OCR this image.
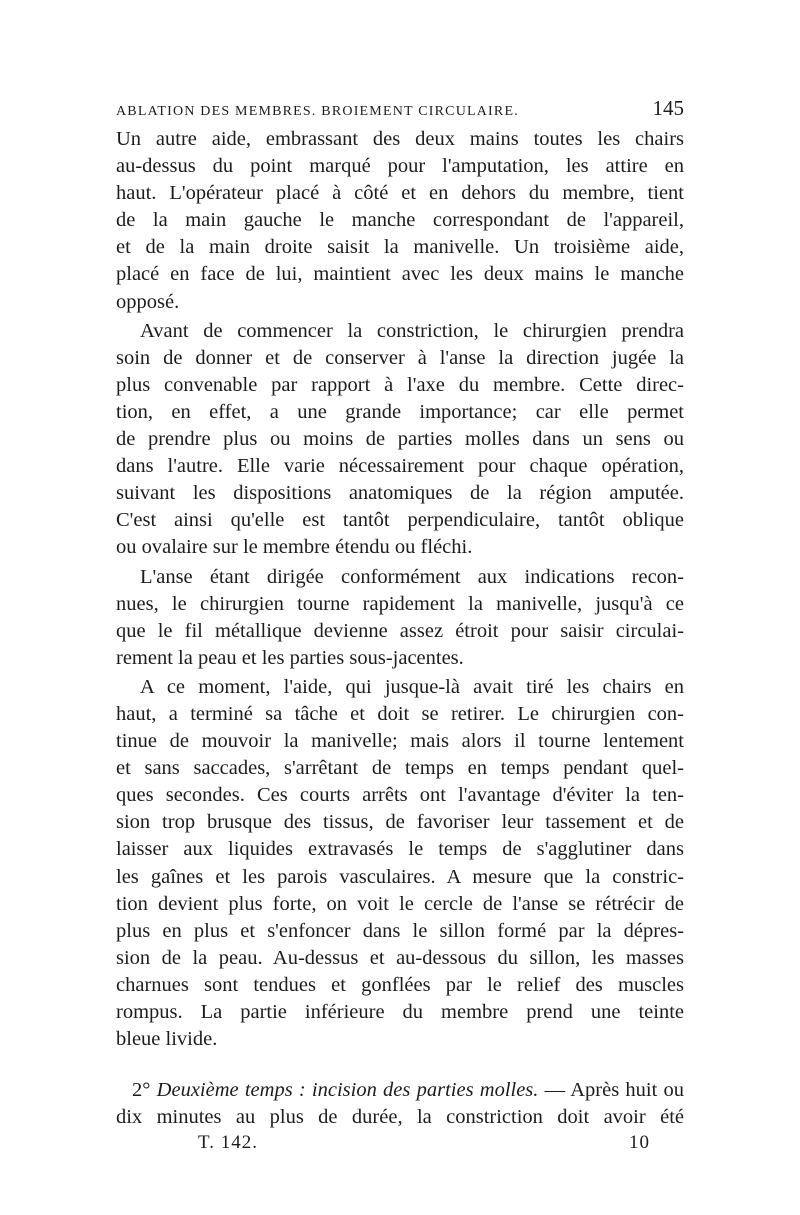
ABLATION DES MEMBRES. BROIEMENT CIRCULAIRE.	145
Un autre aide, embrassant des deux mains toutes les chairs
au-dessus du point marqué pour l'amputation, les attire en
haut. L'opérateur placé à côté et en dehors du membre, tient
de la main gauche le manche correspondant de l'appareil,
et de la main droite saisit la manivelle. Un troisième aide,
placé en face de lui, maintient avec les deux mains le manche
opposé.
Avant de commencer la constriction, le chirurgien prendra
soin de donner et de conserver à l'anse la direction jugée la
plus convenable par rapport à l'axe du membre. Cette direc-
tion, en effet, a une grande importance; car elle permet
de prendre plus ou moins de parties molles dans un sens ou
dans l'autre. Elle varie nécessairement pour chaque opération,
suivant les dispositions anatomiques de la région amputée.
C'est ainsi qu'elle est tantôt perpendiculaire, tantôt oblique
ou ovalaire sur le membre étendu ou fléchi.
L'anse étant dirigée conformément aux indications recon-
nues, le chirurgien tourne rapidement la manivelle, jusqu'à ce
que le fil métallique devienne assez étroit pour saisir circulai-
rement la peau et les parties sous-jacentes.
A ce moment, l'aide, qui jusque-là avait tiré les chairs en
haut, a terminé sa tâche et doit se retirer. Le chirurgien con-
tinue de mouvoir la manivelle; mais alors il tourne lentement
et sans saccades, s'arrêtant de temps en temps pendant quel-
ques secondes. Ces courts arrêts ont l'avantage d'éviter la ten-
sion trop brusque des tissus, de favoriser leur tassement et de
laisser aux liquides extravasés le temps de s'agglutiner dans
les gaînes et les parois vasculaires. A mesure que la constric-
tion devient plus forte, on voit le cercle de l'anse se rétrécir de
plus en plus et s'enfoncer dans le sillon formé par la dépres-
sion de la peau. Au-dessus et au-dessous du sillon, les masses
charnues sont tendues et gonflées par le relief des muscles
rompus. La partie inférieure du membre prend une teinte
bleue livide.
2° Deuxième temps : incision des parties molles. — Après huit ou
dix minutes au plus de durée, la constriction doit avoir été
T. 142.	10
